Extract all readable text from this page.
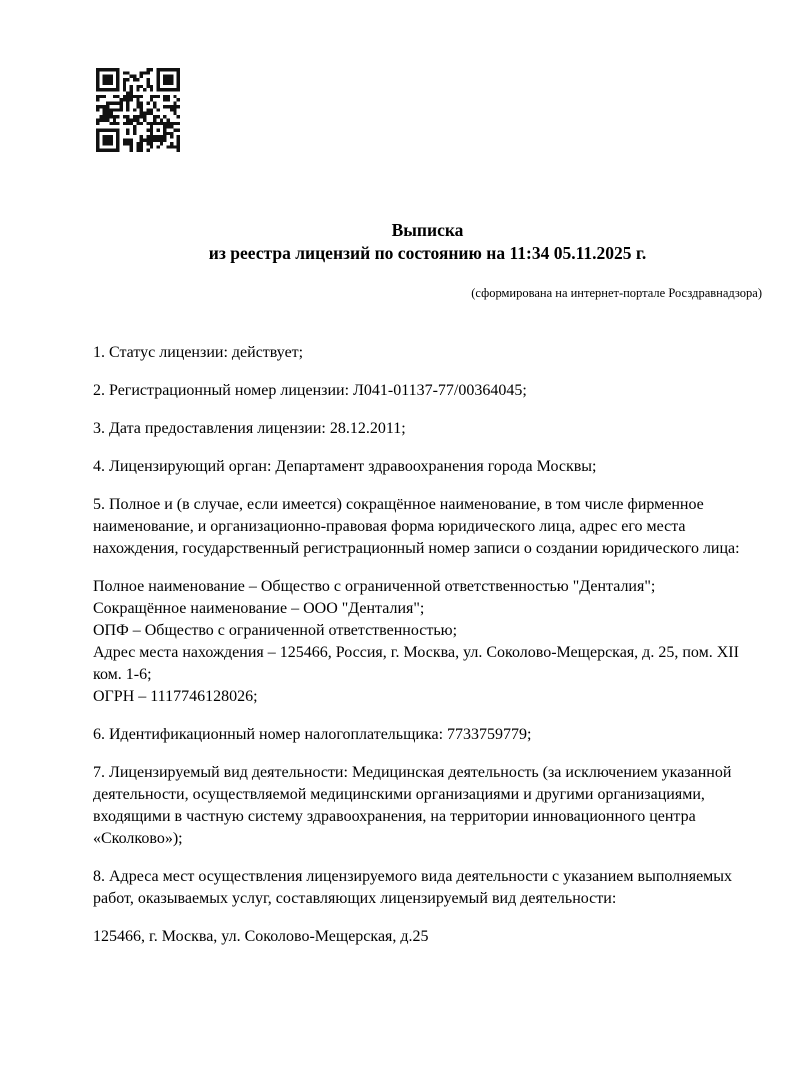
Выписка
из реестра лицензий по состоянию на 11:34 05.11.2025 г.
(сформирована на интернет-портале Росздравнадзора)

1. Статус лицензии: действует;

2. Регистрационный номер лицензии: Л041-01137-77/00364045;

3. Дата предоставления лицензии: 28.12.2011;

4. Лицензирующий орган: Департамент здравоохранения города Москвы;

5. Полное и (в случае, если имеется) сокращённое наименование, в том числе фирменное наименование, и организационно-правовая форма юридического лица, адрес его места нахождения, государственный регистрационный номер записи о создании юридического лица:

Полное наименование – Общество с ограниченной ответственностью "Денталия";

Сокращённое наименование – ООО "Денталия";

ОПФ – Общество с ограниченной ответственностью;

Адрес места нахождения – 125466, Россия, г. Москва, ул. Соколово-Мещерская, д. 25, пом. XII ком. 1-6;

ОГРН – 1117746128026;

6. Идентификационный номер налогоплательщика: 7733759779;

7. Лицензируемый вид деятельности: Медицинская деятельность (за исключением указанной деятельности, осуществляемой медицинскими организациями и другими организациями, входящими в частную систему здравоохранения, на территории инновационного центра «Сколково»);

8. Адреса мест осуществления лицензируемого вида деятельности с указанием выполняемых работ, оказываемых услуг, составляющих лицензируемый вид деятельности:

125466, г. Москва, ул. Соколово-Мещерская, д.25
